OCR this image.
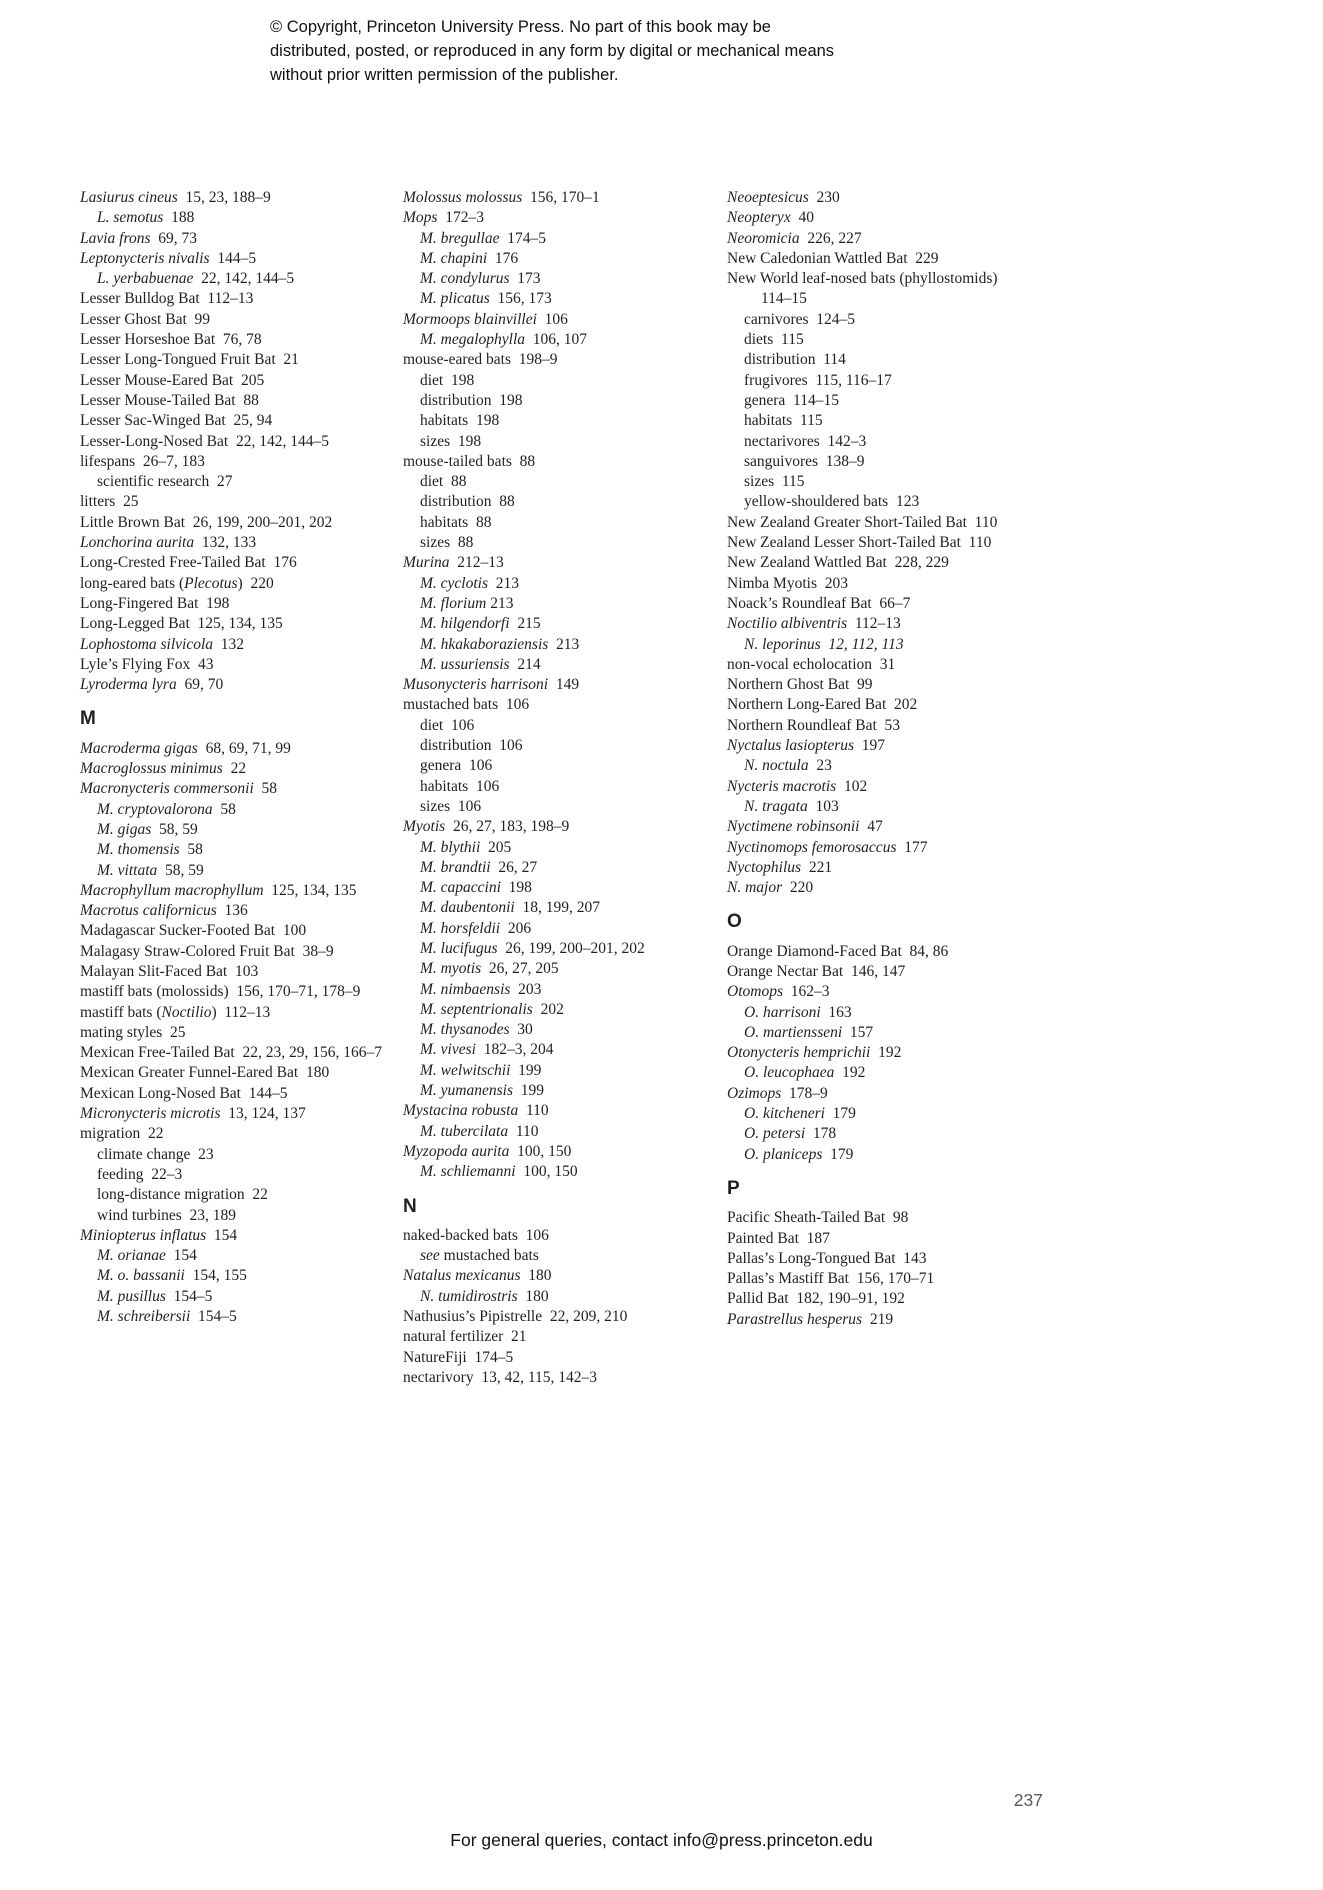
© Copyright, Princeton University Press. No part of this book may be distributed, posted, or reproduced in any form by digital or mechanical means without prior written permission of the publisher.
Lasiurus cineus 15, 23, 188–9
L. semotus 188
Lavia frons 69, 73
Leptonycteris nivalis 144–5
L. yerbabuenae 22, 142, 144–5
Lesser Bulldog Bat 112–13
Lesser Ghost Bat 99
Lesser Horseshoe Bat 76, 78
Lesser Long-Tongued Fruit Bat 21
Lesser Mouse-Eared Bat 205
Lesser Mouse-Tailed Bat 88
Lesser Sac-Winged Bat 25, 94
Lesser-Long-Nosed Bat 22, 142, 144–5
lifespans 26–7, 183
scientific research 27
litters 25
Little Brown Bat 26, 199, 200–201, 202
Lonchorina aurita 132, 133
Long-Crested Free-Tailed Bat 176
long-eared bats (Plecotus) 220
Long-Fingered Bat 198
Long-Legged Bat 125, 134, 135
Lophostoma silvicola 132
Lyle’s Flying Fox 43
Lyroderma lyra 69, 70
M
Macroderma gigas 68, 69, 71, 99
Macroglossus minimus 22
Macronycteris commersonii 58
M. cryptovalorona 58
M. gigas 58, 59
M. thomensis 58
M. vittata 58, 59
Macrophyllum macrophyllum 125, 134, 135
Macrotus californicus 136
Madagascar Sucker-Footed Bat 100
Malagasy Straw-Colored Fruit Bat 38–9
Malayan Slit-Faced Bat 103
mastiff bats (molossids) 156, 170–71, 178–9
mastiff bats (Noctilio) 112–13
mating styles 25
Mexican Free-Tailed Bat 22, 23, 29, 156, 166–7
Mexican Greater Funnel-Eared Bat 180
Mexican Long-Nosed Bat 144–5
Micronycteris microtis 13, 124, 137
migration 22
climate change 23
feeding 22–3
long-distance migration 22
wind turbines 23, 189
Miniopterus inflatus 154
M. orianae 154
M. o. bassanii 154, 155
M. pusillus 154–5
M. schreibersii 154–5
Molossus molossus 156, 170–1
Mops 172–3
M. bregullae 174–5
M. chapini 176
M. condylurus 173
M. plicatus 156, 173
Mormoops blainvillei 106
M. megalophylla 106, 107
mouse-eared bats 198–9
diet 198
distribution 198
habitats 198
sizes 198
mouse-tailed bats 88
diet 88
distribution 88
habitats 88
sizes 88
Murina 212–13
M. cyclotis 213
M. florium 213
M. hilgendorfi 215
M. hkakaboraziensis 213
M. ussuriensis 214
Musonycteris harrisoni 149
mustached bats 106
diet 106
distribution 106
genera 106
habitats 106
sizes 106
Myotis 26, 27, 183, 198–9
M. blythii 205
M. brandtii 26, 27
M. capaccini 198
M. daubentonii 18, 199, 207
M. horsfeldii 206
M. lucifugus 26, 199, 200–201, 202
M. myotis 26, 27, 205
M. nimbaensis 203
M. septentrionalis 202
M. thysanodes 30
M. vivesi 182–3, 204
M. welwitschii 199
M. yumanensis 199
Mystacina robusta 110
M. tubercilata 110
Myzopoda aurita 100, 150
M. schliemanni 100, 150
N
naked-backed bats 106
see mustached bats
Natalus mexicanus 180
N. tumidirostris 180
Nathusius’s Pipistrelle 22, 209, 210
natural fertilizer 21
NatureFiji 174–5
nectarivory 13, 42, 115, 142–3
Neoeptesicus 230
Neopteryx 40
Neoromicia 226, 227
New Caledonian Wattled Bat 229
New World leaf-nosed bats (phyllostomids) 114–15
carnivores 124–5
diets 115
distribution 114
frugivores 115, 116–17
genera 114–15
habitats 115
nectarivores 142–3
sanguivores 138–9
sizes 115
yellow-shouldered bats 123
New Zealand Greater Short-Tailed Bat 110
New Zealand Lesser Short-Tailed Bat 110
New Zealand Wattled Bat 228, 229
Nimba Myotis 203
Noack’s Roundleaf Bat 66–7
Noctilio albiventris 112–13
N. leporinus 12, 112, 113
non-vocal echolocation 31
Northern Ghost Bat 99
Northern Long-Eared Bat 202
Northern Roundleaf Bat 53
Nyctalus lasiopterus 197
N. noctula 23
Nycteris macrotis 102
N. tragata 103
Nyctimene robinsonii 47
Nyctinomops femorosaccus 177
Nyctophilus 221
N. major 220
O
Orange Diamond-Faced Bat 84, 86
Orange Nectar Bat 146, 147
Otomops 162–3
O. harrisoni 163
O. martiensseni 157
Otonycteris hemprichii 192
O. leucophaea 192
Ozimops 178–9
O. kitcheneri 179
O. petersi 178
O. planiceps 179
P
Pacific Sheath-Tailed Bat 98
Painted Bat 187
Pallas’s Long-Tongued Bat 143
Pallas’s Mastiff Bat 156, 170–71
Pallid Bat 182, 190–91, 192
Parastrellus hesperus 219
237
For general queries, contact info@press.princeton.edu
